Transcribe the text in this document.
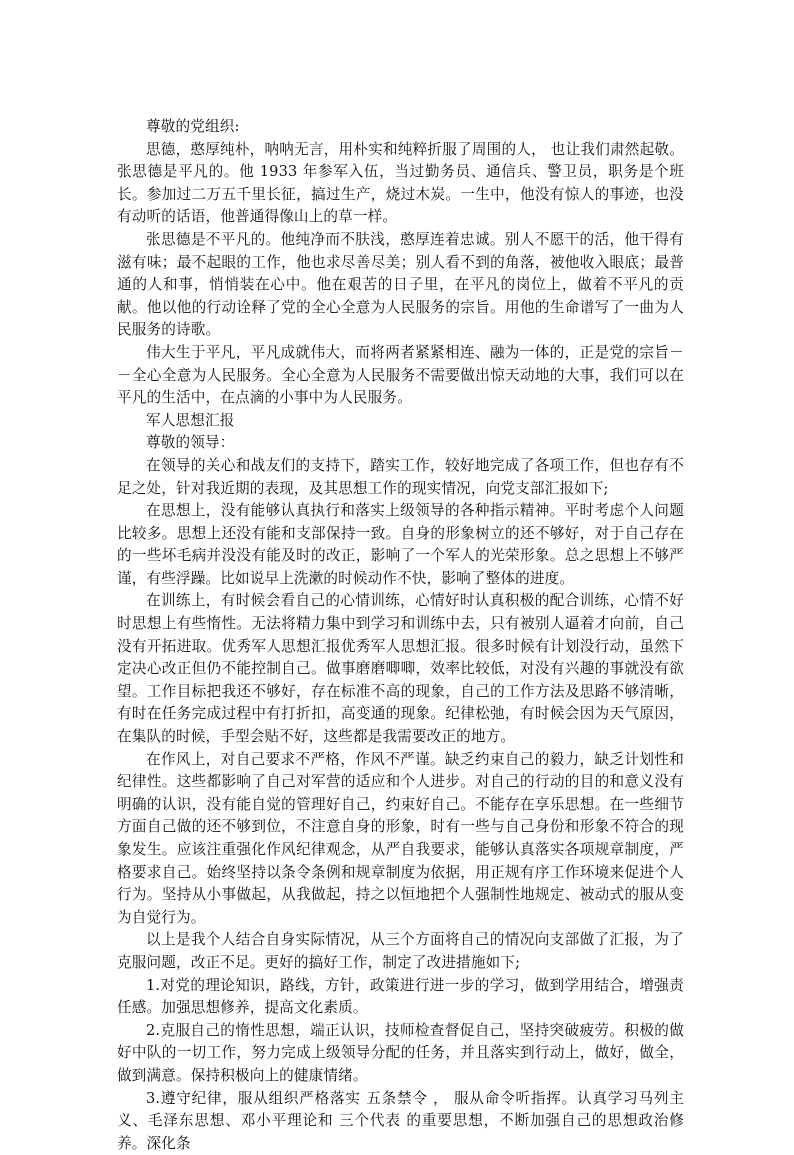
尊敬的党组织:

思德，憨厚纯朴，呐呐无言，用朴实和纯粹折服了周围的人， 也让我们肃然起敬。张思德是平凡的。他 1933 年参军入伍，当过勤务员、通信兵、警卫员，职务是个班长。参加过二万五千里长征，搞过生产，烧过木炭。一生中，他没有惊人的事迹，也没有动听的话语，他普通得像山上的草一样。

张思德是不平凡的。他纯净而不肤浅，憨厚连着忠诚。别人不愿干的活，他干得有滋有味；最不起眼的工作，他也求尽善尽美；别人看不到的角落，被他收入眼底；最普通的人和事，悄悄装在心中。他在艰苦的日子里，在平凡的岗位上，做着不平凡的贡献。他以他的行动诠释了党的全心全意为人民服务的宗旨。用他的生命谱写了一曲为人民服务的诗歌。

伟大生于平凡，平凡成就伟大，而将两者紧紧相连、融为一体的，正是党的宗旨－－全心全意为人民服务。全心全意为人民服务不需要做出惊天动地的大事，我们可以在平凡的生活中，在点滴的小事中为人民服务。

军人思想汇报

尊敬的领导：

在领导的关心和战友们的支持下，踏实工作，较好地完成了各项工作，但也存有不足之处，针对我近期的表现，及其思想工作的现实情况，向党支部汇报如下;

在思想上，没有能够认真执行和落实上级领导的各种指示精神。平时考虑个人问题比较多。思想上还没有能和支部保持一致。自身的形象树立的还不够好，对于自己存在的一些坏毛病并没没有能及时的改正，影响了一个军人的光荣形象。总之思想上不够严谨，有些浮躁。比如说早上洗漱的时候动作不快，影响了整体的进度。

在训练上，有时候会看自己的心情训练，心情好时认真积极的配合训练，心情不好时思想上有些惰性。无法将精力集中到学习和训练中去，只有被别人逼着才向前，自己没有开拓进取。优秀军人思想汇报优秀军人思想汇报。很多时候有计划没行动，虽然下定决心改正但仍不能控制自己。做事磨磨唧唧，效率比较低，对没有兴趣的事就没有欲望。工作目标把我还不够好，存在标准不高的现象，自己的工作方法及思路不够清晰，有时在任务完成过程中有打折扣，高变通的现象。纪律松弛，有时候会因为天气原因，在集队的时候，手型会贴不好，这些都是我需要改正的地方。

在作风上，对自己要求不严格，作风不严谨。缺乏约束自己的毅力，缺乏计划性和纪律性。这些都影响了自己对军营的适应和个人进步。对自己的行动的目的和意义没有明确的认识，没有能自觉的管理好自己，约束好自己。不能存在享乐思想。在一些细节方面自己做的还不够到位，不注意自身的形象，时有一些与自己身份和形象不符合的现象发生。应该注重强化作风纪律观念，从严自我要求，能够认真落实各项规章制度，严格要求自己。始终坚持以条令条例和规章制度为依据，用正规有序工作环境来促进个人行为。坚持从小事做起，从我做起，持之以恒地把个人强制性地规定、被动式的服从变为自觉行为。

以上是我个人结合自身实际情况，从三个方面将自己的情况向支部做了汇报，为了克服问题，改正不足。更好的搞好工作，制定了改进措施如下;

1.对党的理论知识，路线，方针，政策进行进一步的学习，做到学用结合，增强责任感。加强思想修养，提高文化素质。

2.克服自己的惰性思想，端正认识，技师检查督促自己，坚持突破疲劳。积极的做好中队的一切工作，努力完成上级领导分配的任务，并且落实到行动上，做好，做全，做到满意。保持积极向上的健康情绪。

3.遵守纪律，服从组织严格落实 五条禁令 ， 服从命令听指挥。认真学习马列主义、毛泽东思想、邓小平理论和 三个代表 的重要思想，不断加强自己的思想政治修养。深化条
